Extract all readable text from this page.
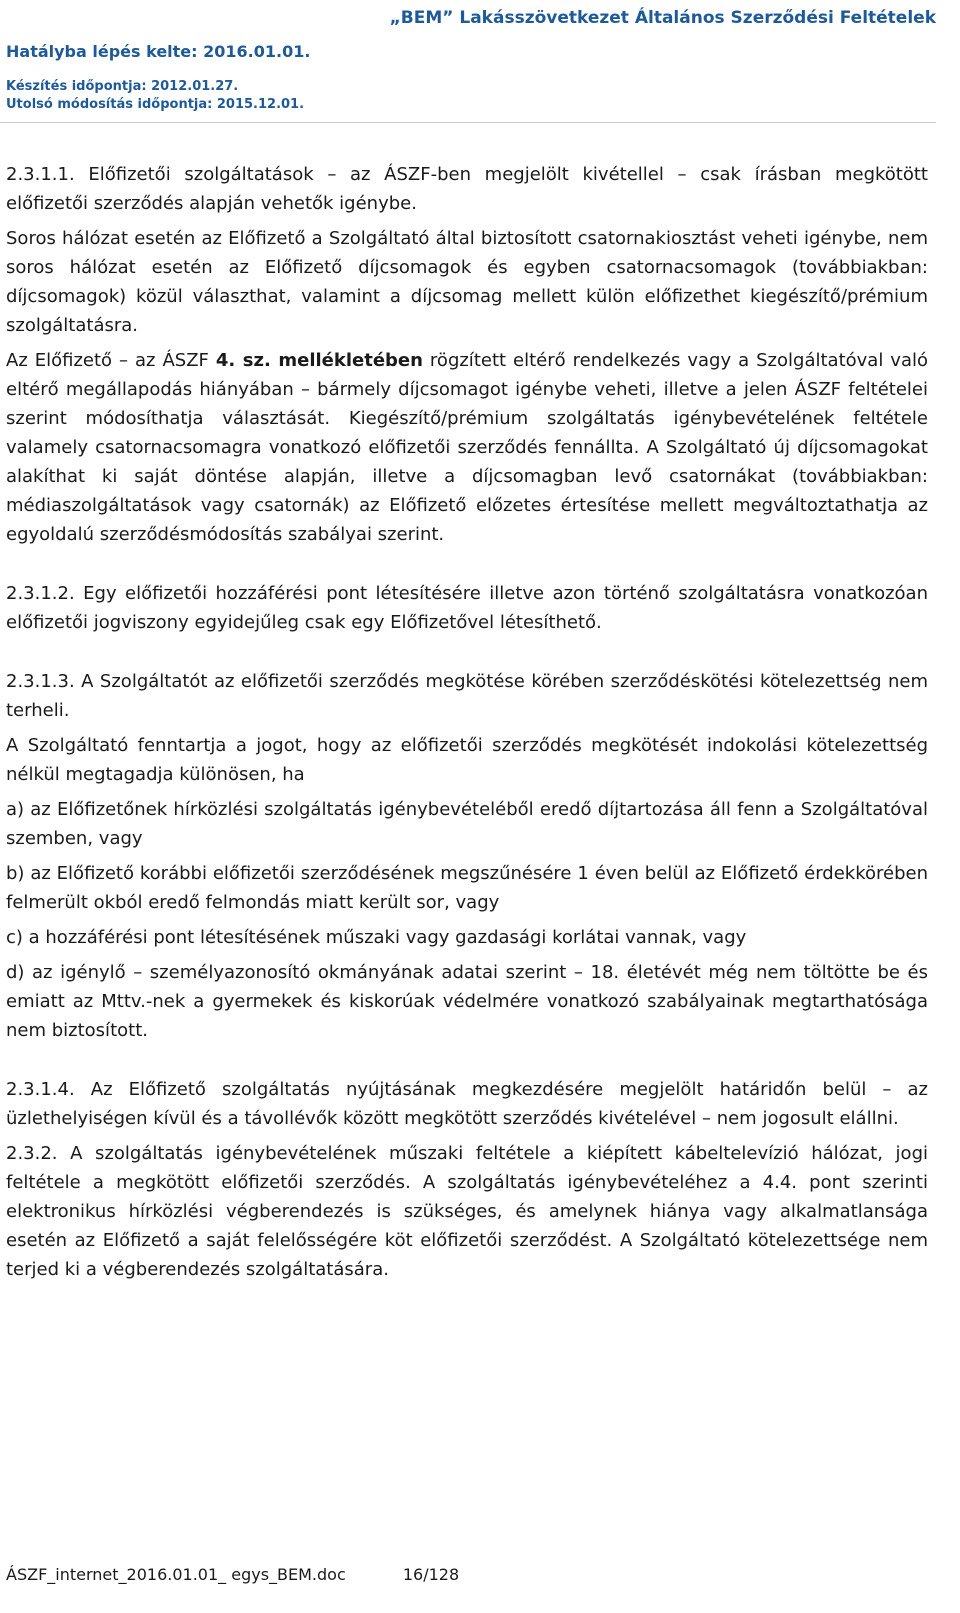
„BEM” Lakásszövetkezet Általános Szerződési Feltételek

Hatályba lépés kelte: 2016.01.01.

Készítés időpontja: 2012.01.27.

Utolsó módosítás időpontja: 2015.12.01.

2.3.1.1. Előfizetői szolgáltatások – az ÁSZF-ben megjelölt kivétellel – csak írásban megkötött előfizetői szerződés alapján vehetők igénybe.

Soros hálózat esetén az Előfizető a Szolgáltató által biztosított csatornakiosztást veheti igénybe, nem soros hálózat esetén az Előfizető díjcsomagok és egyben csatornacsomagok (továbbiakban: díjcsomagok) közül választhat, valamint a díjcsomag mellett külön előfizethet kiegészítő/prémium szolgáltatásra.

Az Előfizető – az ÁSZF 4. sz. mellékletében rögzített eltérő rendelkezés vagy a Szolgáltatóval való eltérő megállapodás hiányában – bármely díjcsomagot igénybe veheti, illetve a jelen ÁSZF feltételei szerint módosíthatja választását. Kiegészítő/prémium szolgáltatás igénybevételének feltétele valamely csatornacsomagra vonatkozó előfizetői szerződés fennállta. A Szolgáltató új díjcsomagokat alakíthat ki saját döntése alapján, illetve a díjcsomagban levő csatornákat (továbbiakban: médiaszolgáltatások vagy csatornák) az Előfizető előzetes értesítése mellett megváltoztathatja az egyoldalú szerződésmódosítás szabályai szerint.

2.3.1.2. Egy előfizetői hozzáférési pont létesítésére illetve azon történő szolgáltatásra vonatkozóan előfizetői jogviszony egyidejűleg csak egy Előfizetővel létesíthető.

2.3.1.3. A Szolgáltatót az előfizetői szerződés megkötése körében szerződéskötési kötelezettség nem terheli.

A Szolgáltató fenntartja a jogot, hogy az előfizetői szerződés megkötését indokolási kötelezettség nélkül megtagadja különösen, ha

a) az Előfizetőnek hírközlési szolgáltatás igénybevételéből eredő díjtartozása áll fenn a Szolgáltatóval szemben, vagy

b) az Előfizető korábbi előfizetői szerződésének megszűnésére 1 éven belül az Előfizető érdekkörében felmerült okból eredő felmondás miatt került sor, vagy

c) a hozzáférési pont létesítésének műszaki vagy gazdasági korlátai vannak, vagy

d) az igénylő – személyazonosító okmányának adatai szerint – 18. életévét még nem töltötte be és emiatt az Mttv.-nek a gyermekek és kiskorúak védelmére vonatkozó szabályainak megtarthatósága nem biztosított.

2.3.1.4. Az Előfizető szolgáltatás nyújtásának megkezdésére megjelölt határidőn belül – az üzlethelyiségen kívül és a távollévők között megkötött szerződés kivételével – nem jogosult elállni.

2.3.2. A szolgáltatás igénybevételének műszaki feltétele a kiépített kábeltelevízió hálózat, jogi feltétele a megkötött előfizetői szerződés. A szolgáltatás igénybevételéhez a 4.4. pont szerinti elektronikus hírközlési végberendezés is szükséges, és amelynek hiánya vagy alkalmatlansága esetén az Előfizető a saját felelősségére köt előfizetői szerződést. A Szolgáltató kötelezettsége nem terjed ki a végberendezés szolgáltatására.

ÁSZF_internet_2016.01.01_ egys_BEM.doc	16/128
